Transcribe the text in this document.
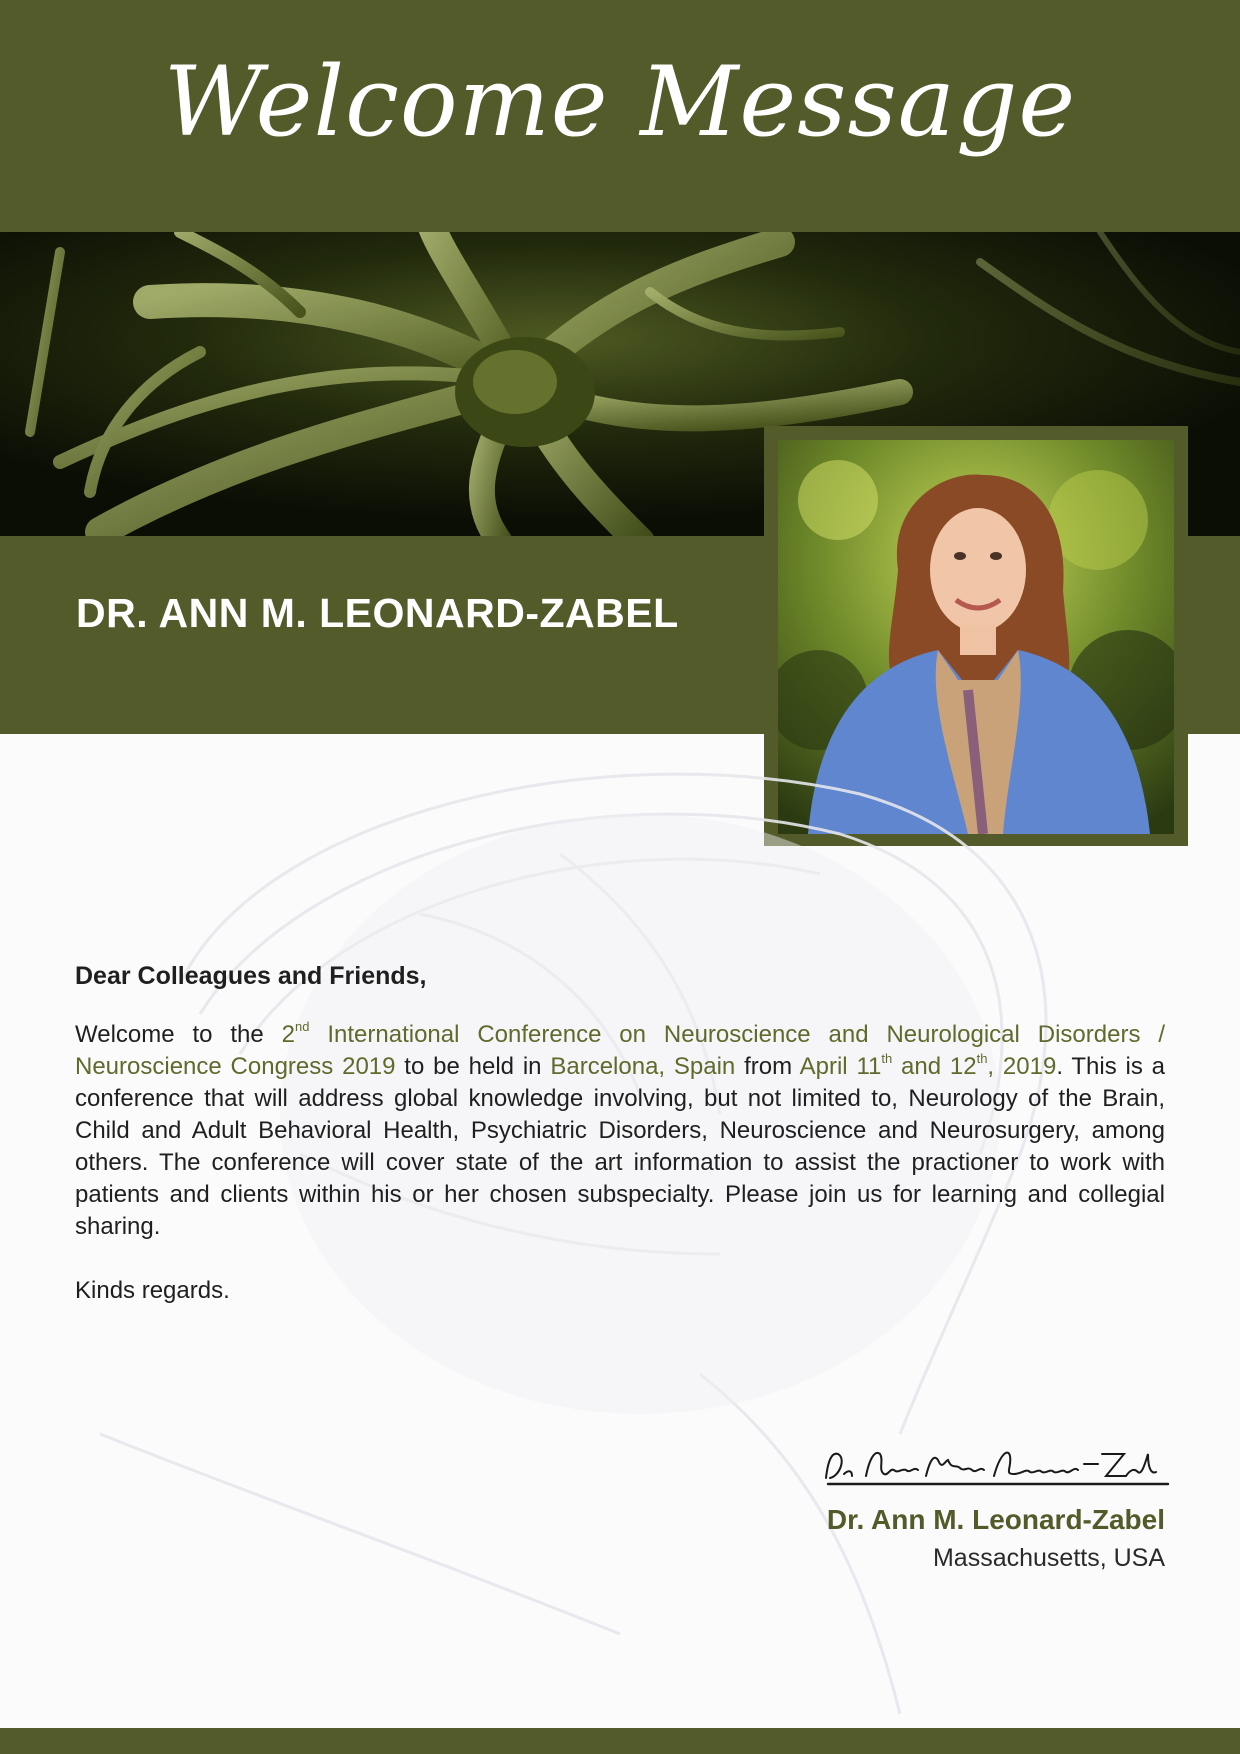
Welcome Message
DR. ANN M. LEONARD-ZABEL

Dear Colleagues and Friends,

Welcome to the 2nd International Conference on Neuroscience and Neurological Disorders / Neuroscience Congress 2019 to be held in Barcelona, Spain from April 11th and 12th, 2019. This is a conference that will address global knowledge involving, but not limited to, Neurology of the Brain, Child and Adult Behavioral Health, Psychiatric Disorders, Neuroscience and Neurosurgery, among others. The conference will cover state of the art information to assist the practioner to work with patients and clients within his or her chosen subspecialty. Please join us for learning and collegial sharing.

Kinds regards.

Dr. Ann M. Leonard-Zabel

Massachusetts, USA
